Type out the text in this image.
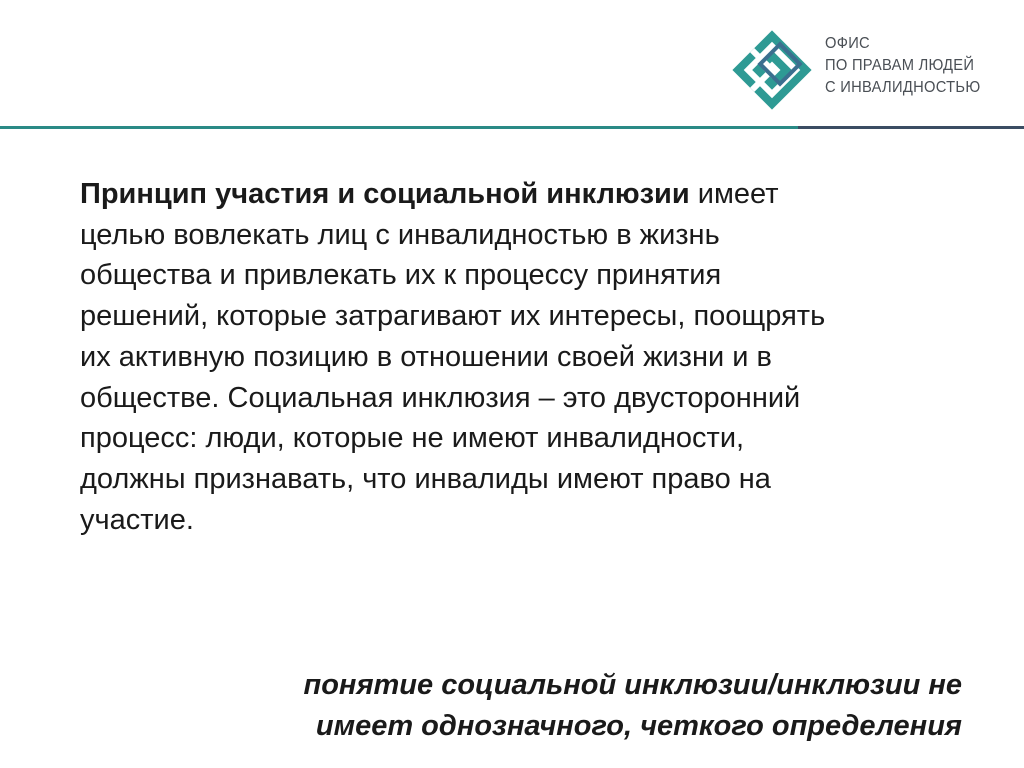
ОФИС
ПО ПРАВАМ ЛЮДЕЙ
С ИНВАЛИДНОСТЬЮ
Принцип участия и социальной инклюзии имеет
целью вовлекать лиц с инвалидностью в жизнь
общества и привлекать их к процессу принятия
решений, которые затрагивают их интересы, поощрять
их активную позицию в отношении своей жизни и в
обществе. Социальная инклюзия – это двусторонний
процесс: люди, которые не имеют инвалидности,
должны признавать, что инвалиды имеют право на
участие.
понятие социальной инклюзии/инклюзии не
имеет однозначного, четкого определения
